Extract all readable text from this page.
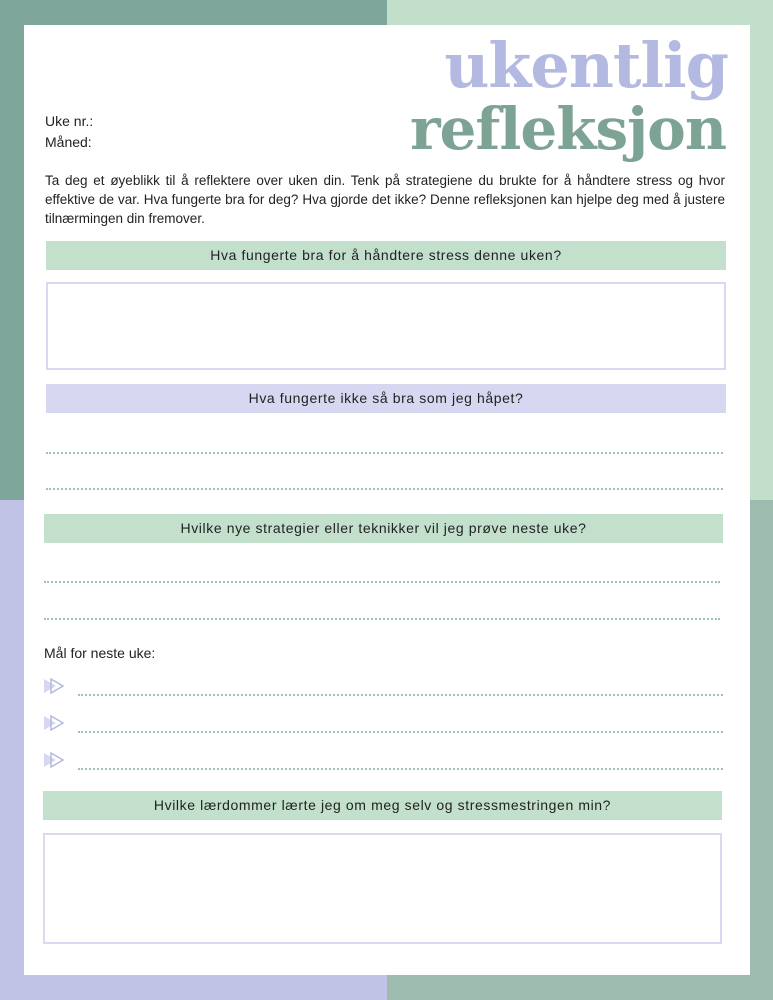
ukentlig
refleksjon
Uke nr.:
Måned:
Ta deg et øyeblikk til å reflektere over uken din. Tenk på strategiene du brukte for å håndtere stress og hvor effektive de var. Hva fungerte bra for deg? Hva gjorde det ikke? Denne refleksjonen kan hjelpe deg med å justere tilnærmingen din fremover.
Hva fungerte bra for å håndtere stress denne uken?
Hva fungerte ikke så bra som jeg håpet?
Hvilke nye strategier eller teknikker vil jeg prøve neste uke?
Mål for neste uke:
Hvilke lærdommer lærte jeg om meg selv og stressmestringen min?
